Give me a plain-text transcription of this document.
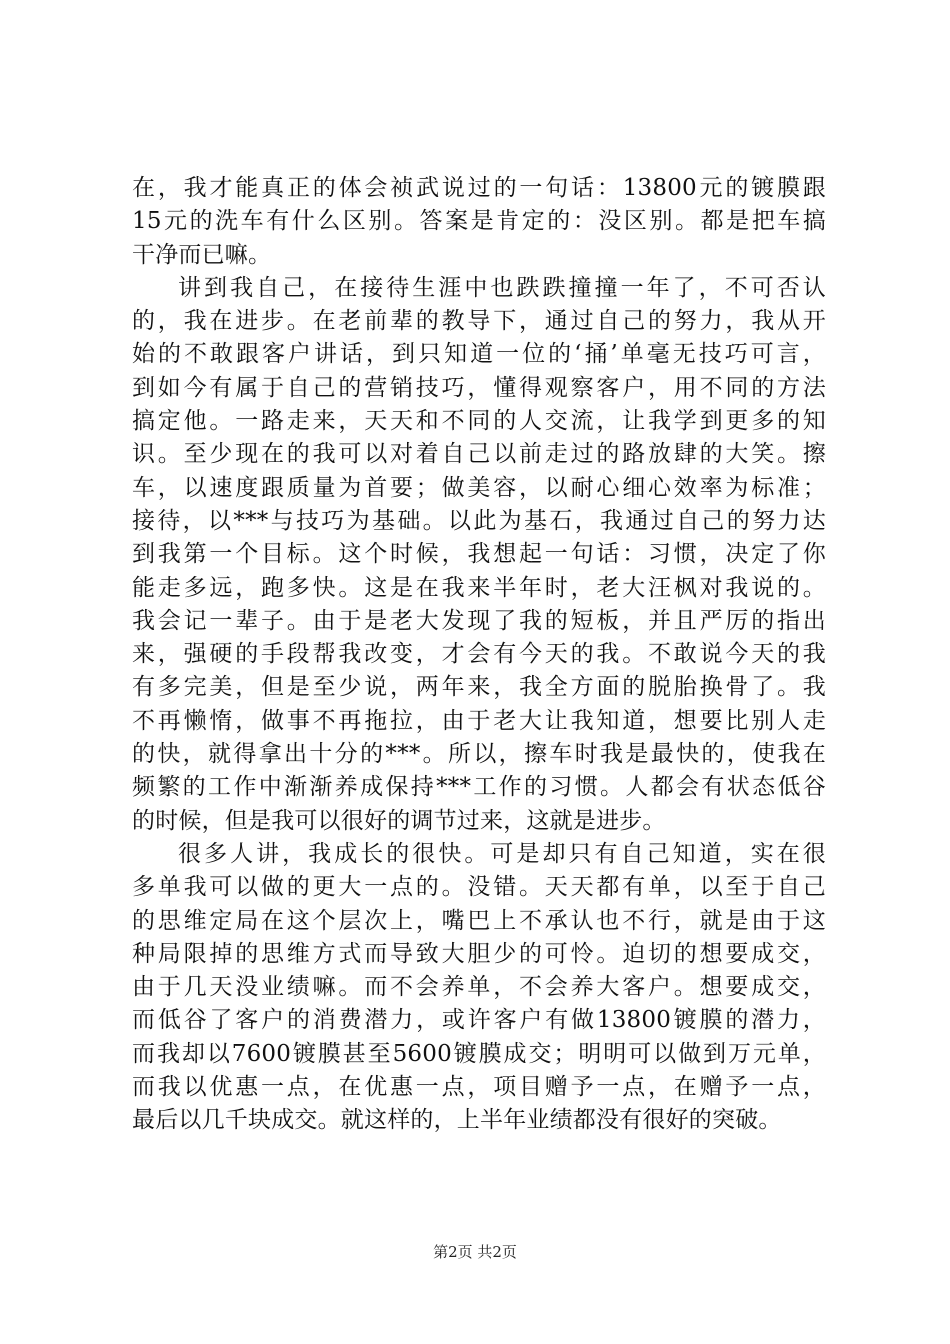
在，我才能真正的体会祯武说过的一句话：13800元的镀膜跟
15元的洗车有什么区别。答案是肯定的：没区别。都是把车搞
干净而已嘛。
讲到我自己，在接待生涯中也跌跌撞撞一年了，不可否认
的，我在进步。在老前辈的教导下，通过自己的努力，我从开
始的不敢跟客户讲话，到只知道一位的‘捅’单毫无技巧可言，
到如今有属于自己的营销技巧，懂得观察客户，用不同的方法
搞定他。一路走来，天天和不同的人交流，让我学到更多的知
识。至少现在的我可以对着自己以前走过的路放肆的大笑。擦
车，以速度跟质量为首要；做美容，以耐心细心效率为标准；
接待，以***与技巧为基础。以此为基石，我通过自己的努力达
到我第一个目标。这个时候，我想起一句话：习惯，决定了你
能走多远，跑多快。这是在我来半年时，老大汪枫对我说的。
我会记一辈子。由于是老大发现了我的短板，并且严厉的指出
来，强硬的手段帮我改变，才会有今天的我。不敢说今天的我
有多完美，但是至少说，两年来，我全方面的脱胎换骨了。我
不再懒惰，做事不再拖拉，由于老大让我知道，想要比别人走
的快，就得拿出十分的***。所以，擦车时我是最快的，使我在
频繁的工作中渐渐养成保持***工作的习惯。人都会有状态低谷
的时候，但是我可以很好的调节过来，这就是进步。
很多人讲，我成长的很快。可是却只有自己知道，实在很
多单我可以做的更大一点的。没错。天天都有单，以至于自己
的思维定局在这个层次上，嘴巴上不承认也不行，就是由于这
种局限掉的思维方式而导致大胆少的可怜。迫切的想要成交，
由于几天没业绩嘛。而不会养单，不会养大客户。想要成交，
而低谷了客户的消费潜力，或许客户有做13800镀膜的潜力，
而我却以7600镀膜甚至5600镀膜成交；明明可以做到万元单，
而我以优惠一点，在优惠一点，项目赠予一点，在赠予一点，
最后以几千块成交。就这样的，上半年业绩都没有很好的突破。
第2页 共2页
